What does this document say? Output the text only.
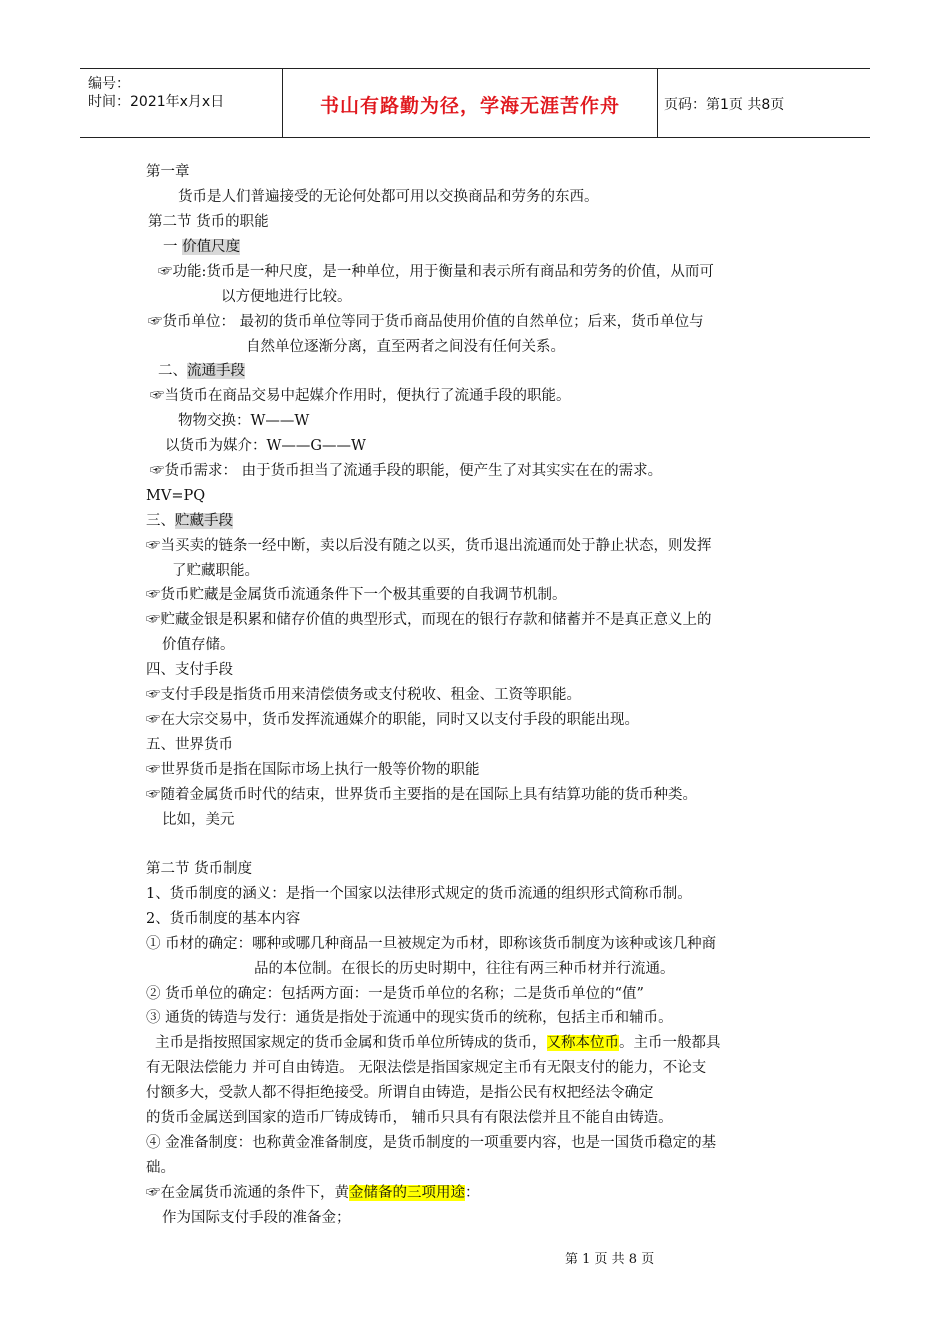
编号：
时间：2021年x月x日	书山有路勤为径，学海无涯苦作舟	页码：第1页 共8页
第一章
货币是人们普遍接受的无论何处都可用以交换商品和劳务的东西。
第二节 货币的职能
一 价值尺度
☞功能:货币是一种尺度，是一种单位，用于衡量和表示所有商品和劳务的价值，从而可
以方便地进行比较。
☞货币单位： 最初的货币单位等同于货币商品使用价值的自然单位；后来，货币单位与
自然单位逐渐分离，直至两者之间没有任何关系。
二、流通手段
☞当货币在商品交易中起媒介作用时，便执行了流通手段的职能。
物物交换：W——W
以货币为媒介：W——G——W
☞货币需求： 由于货币担当了流通手段的职能，便产生了对其实实在在的需求。
MV=PQ
三、贮藏手段
☞当买卖的链条一经中断，卖以后没有随之以买，货币退出流通而处于静止状态，则发挥
了贮藏职能。
☞货币贮藏是金属货币流通条件下一个极其重要的自我调节机制。
☞贮藏金银是积累和储存价值的典型形式，而现在的银行存款和储蓄并不是真正意义上的
价值存储。
四、支付手段
☞支付手段是指货币用来清偿债务或支付税收、租金、工资等职能。
☞在大宗交易中，货币发挥流通媒介的职能，同时又以支付手段的职能出现。
五、世界货币
☞世界货币是指在国际市场上执行一般等价物的职能
☞随着金属货币时代的结束，世界货币主要指的是在国际上具有结算功能的货币种类。
比如，美元
第二节 货币制度
1、货币制度的涵义：是指一个国家以法律形式规定的货币流通的组织形式简称币制。
2、货币制度的基本内容
① 币材的确定：哪种或哪几种商品一旦被规定为币材，即称该货币制度为该种或该几种商
品的本位制。在很长的历史时期中，往往有两三种币材并行流通。
② 货币单位的确定：包括两方面：一是货币单位的名称；二是货币单位的“值”
③ 通货的铸造与发行：通货是指处于流通中的现实货币的统称，包括主币和辅币。
主币是指按照国家规定的货币金属和货币单位所铸成的货币，又称本位币。主币一般都具
有无限法偿能力 并可自由铸造。 无限法偿是指国家规定主币有无限支付的能力，不论支
付额多大，受款人都不得拒绝接受。所谓自由铸造，是指公民有权把经法令确定
的货币金属送到国家的造币厂铸成铸币， 辅币只具有有限法偿并且不能自由铸造。
④ 金准备制度：也称黄金准备制度，是货币制度的一项重要内容，也是一国货币稳定的基
础。
☞在金属货币流通的条件下，黄金储备的三项用途：
作为国际支付手段的准备金；
第 1 页 共 8 页
